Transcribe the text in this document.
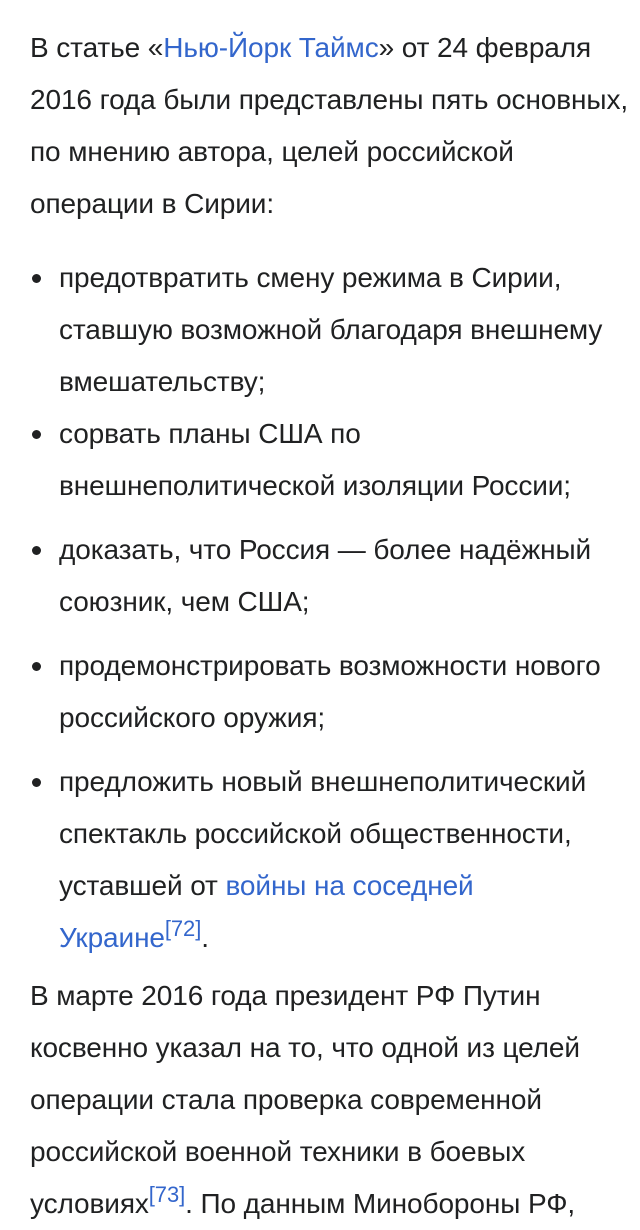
В статье «Нью-Йорк Таймс» от 24 февраля 2016 года были представлены пять основных, по мнению автора, целей российской операции в Сирии:

предотвратить смену режима в Сирии, ставшую возможной благодаря внешнему вмешательству;
сорвать планы США по внешнеполитической изоляции России;
доказать, что Россия — более надёжный союзник, чем США;
продемонстрировать возможности нового российского оружия;
предложить новый внешнеполитический спектакль российской общественности, уставшей от войны на соседней Украине[72].

В марте 2016 года президент РФ Путин косвенно указал на то, что одной из целей операции стала проверка современной российской военной техники в боевых условиях[73]. По данным Минобороны РФ,
